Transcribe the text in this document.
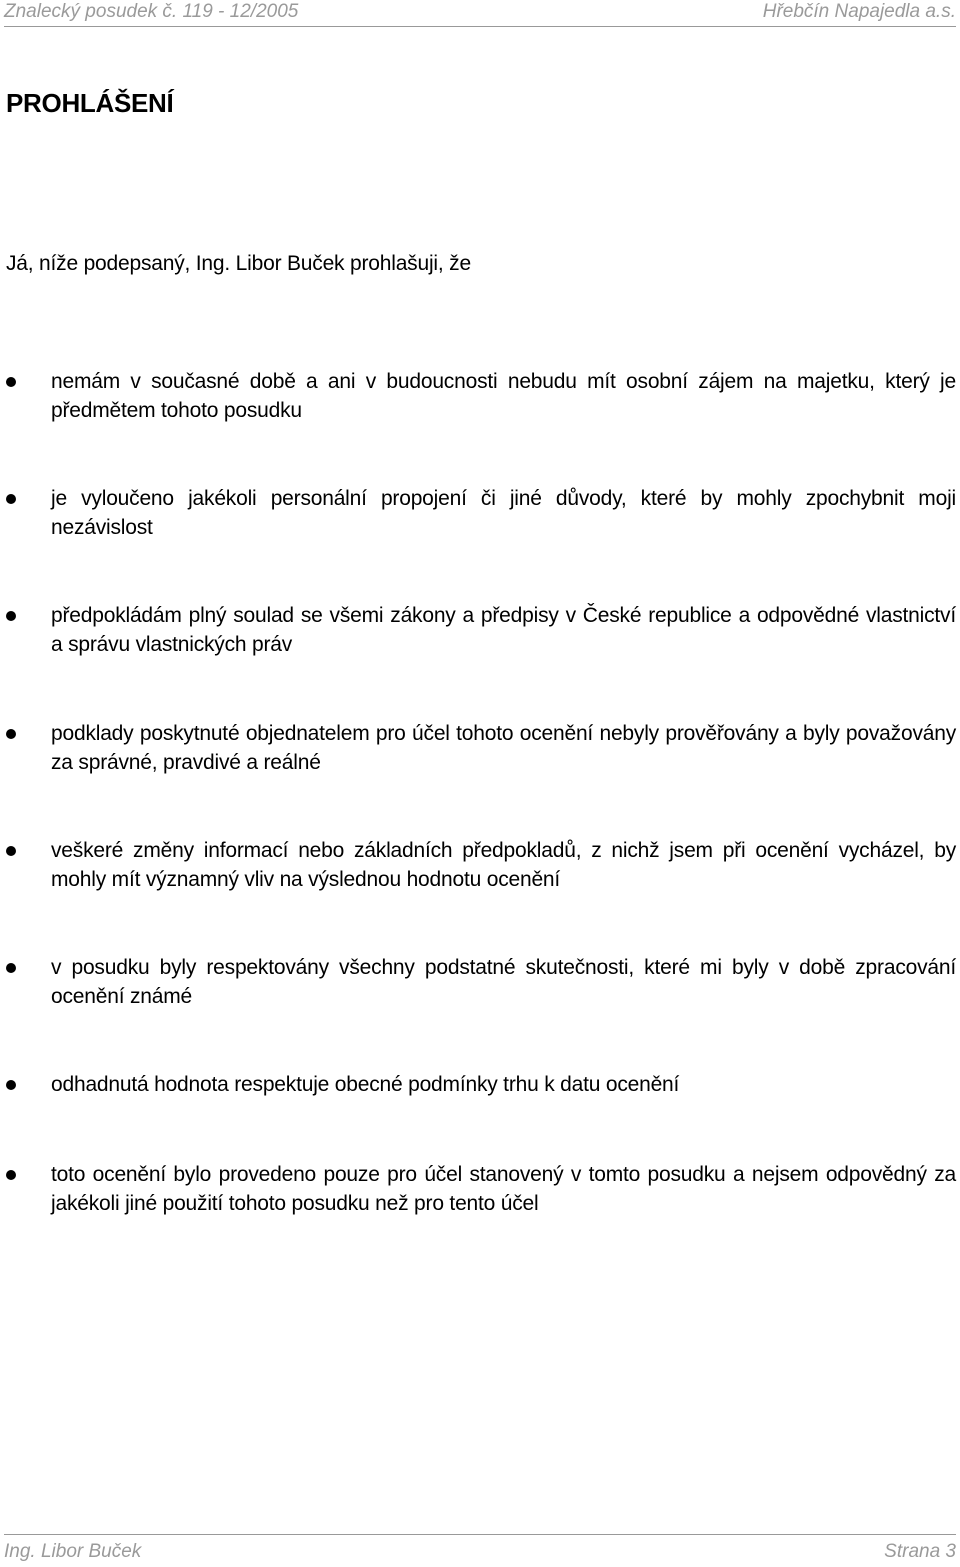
Znalecký posudek č. 119 - 12/2005	Hřebčín Napajedla a.s.
PROHLÁŠENÍ
Já, níže podepsaný, Ing. Libor Buček prohlašuji, že
nemám v současné době a ani v budoucnosti nebudu mít osobní zájem na majetku, který je předmětem tohoto posudku
je vyloučeno jakékoli personální propojení či jiné důvody, které by mohly zpochybnit moji nezávislost
předpokládám plný soulad se všemi zákony a předpisy v České republice a odpovědné vlastnictví a správu vlastnických práv
podklady poskytnuté objednatelem pro účel tohoto ocenění nebyly prověřovány a byly považovány za správné, pravdivé a reálné
veškeré změny informací nebo základních předpokladů, z nichž jsem při ocenění vycházel, by mohly mít významný vliv na výslednou hodnotu ocenění
v posudku byly respektovány všechny podstatné skutečnosti, které mi byly v době zpracování ocenění známé
odhadnutá hodnota respektuje obecné podmínky trhu k datu ocenění
toto ocenění bylo provedeno pouze pro účel stanovený v tomto posudku a nejsem odpovědný za jakékoli jiné použití tohoto posudku než pro tento účel
Ing. Libor Buček	Strana 3
